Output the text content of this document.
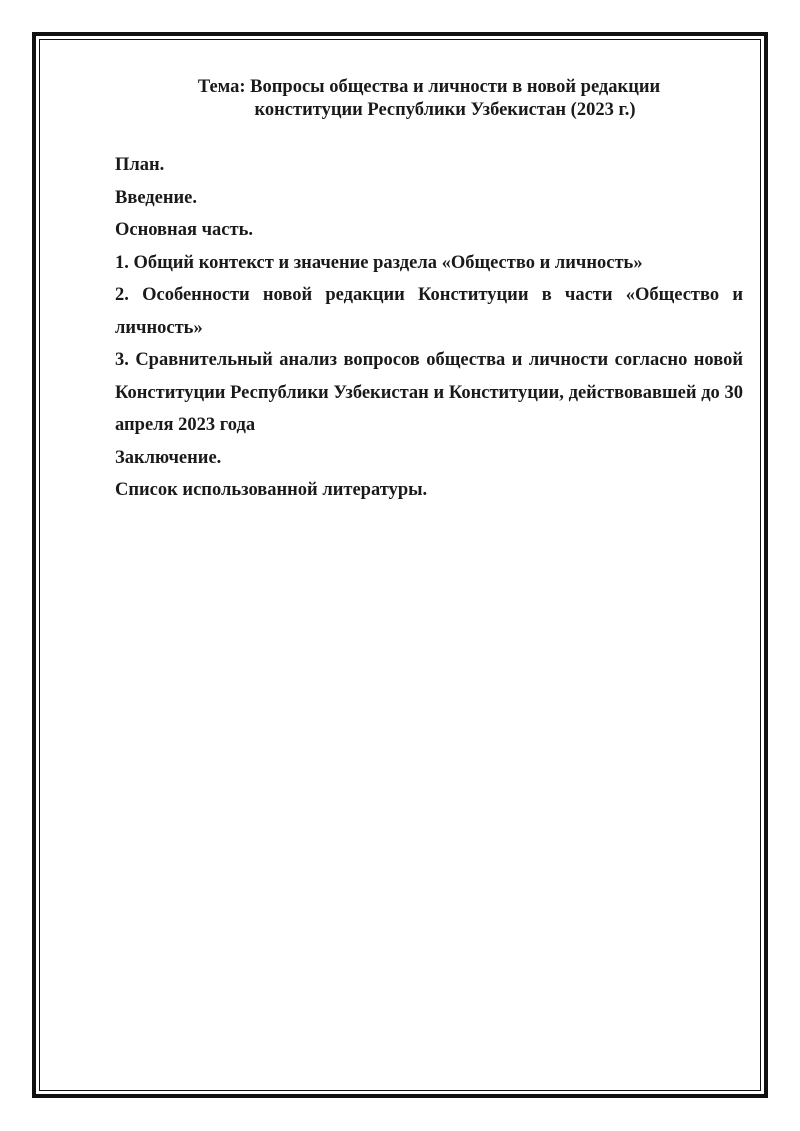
Тема: Вопросы общества и личности в новой редакции
конституции Республики Узбекистан (2023 г.)

План.

Введение.

Основная часть.

1. Общий контекст и значение раздела «Общество и личность»

2. Особенности новой редакции Конституции в части «Общество и личность»

3. Сравнительный анализ вопросов общества и личности согласно новой Конституции Республики Узбекистан и Конституции, действовавшей до 30 апреля 2023 года

Заключение.

Список использованной литературы.
